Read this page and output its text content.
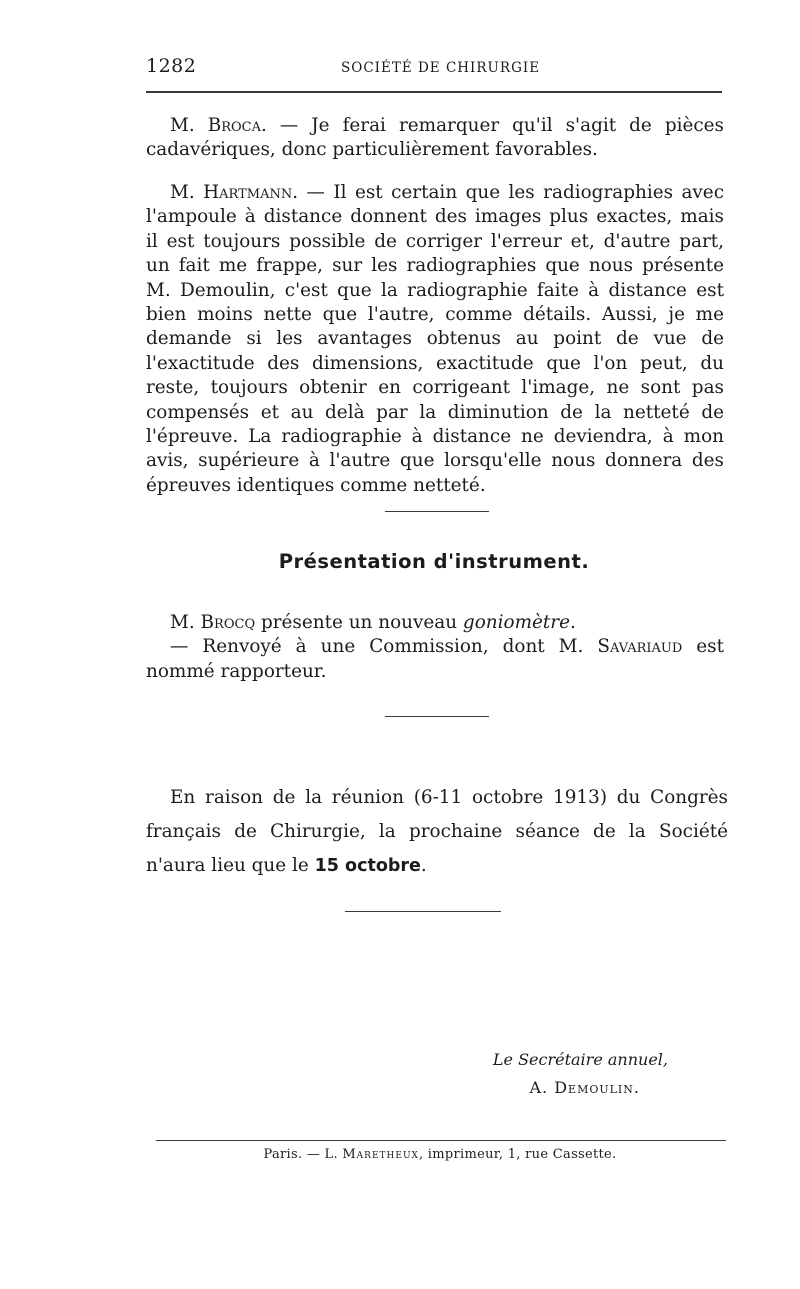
1282	SOCIÉTÉ DE CHIRURGIE

M. Broca. — Je ferai remarquer qu'il s'agit de pièces cadavériques, donc particulièrement favorables.

M. Hartmann. — Il est certain que les radiographies avec l'ampoule à distance donnent des images plus exactes, mais il est toujours possible de corriger l'erreur et, d'autre part, un fait me frappe, sur les radiographies que nous présente M. Demoulin, c'est que la radiographie faite à distance est bien moins nette que l'autre, comme détails. Aussi, je me demande si les avantages obtenus au point de vue de l'exactitude des dimensions, exactitude que l'on peut, du reste, toujours obtenir en corrigeant l'image, ne sont pas compensés et au delà par la diminution de la netteté de l'épreuve. La radiographie à distance ne deviendra, à mon avis, supérieure à l'autre que lorsqu'elle nous donnera des épreuves identiques comme netteté.

Présentation d'instrument.

M. Brocq présente un nouveau goniomètre.
— Renvoyé à une Commission, dont M. Savariaud est nommé rapporteur.

En raison de la réunion (6-11 octobre 1913) du Congrès français de Chirurgie, la prochaine séance de la Société n'aura lieu que le 15 octobre.

Le Secrétaire annuel,
A. Demoulin.
Paris. — L. Maretheux, imprimeur, 1, rue Cassette.
